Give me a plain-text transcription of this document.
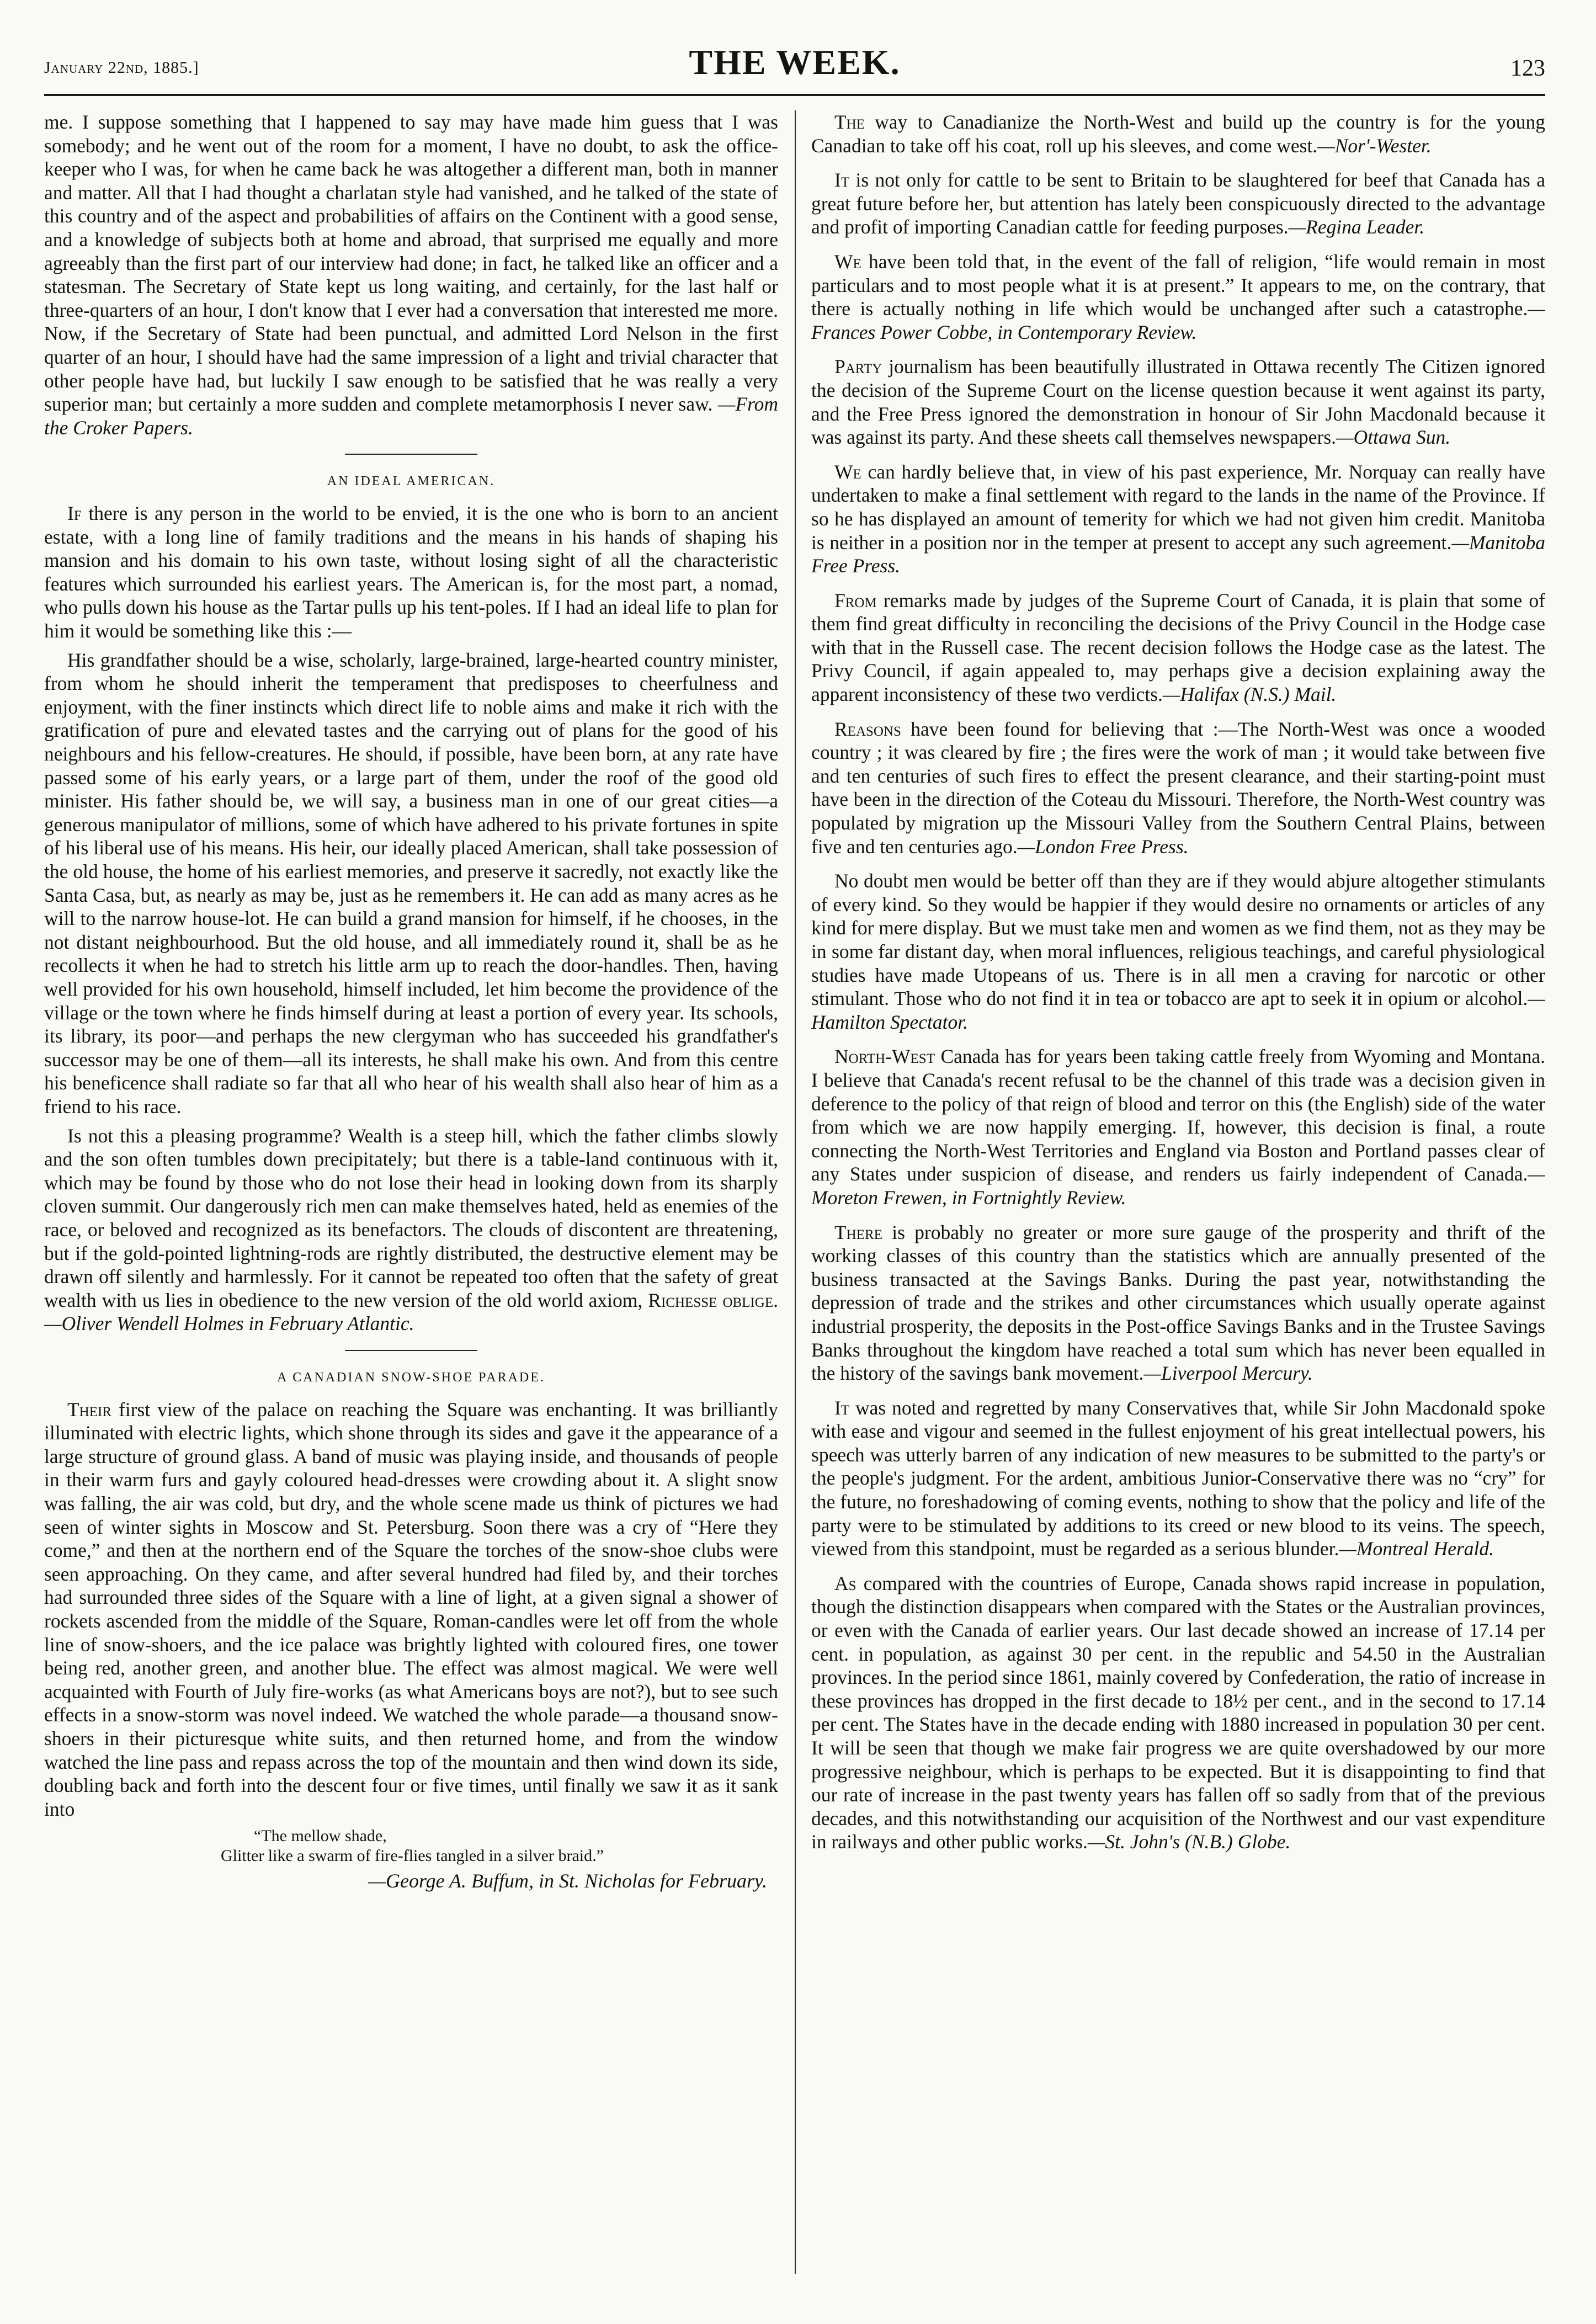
January 22nd, 1885.]	THE WEEK.	123

me. I suppose something that I happened to say may have made him guess that I was somebody; and he went out of the room for a moment, I have no doubt, to ask the office-keeper who I was, for when he came back he was altogether a different man, both in manner and matter. All that I had thought a charlatan style had vanished, and he talked of the state of this country and of the aspect and probabilities of affairs on the Continent with a good sense, and a knowledge of subjects both at home and abroad, that surprised me equally and more agreeably than the first part of our interview had done; in fact, he talked like an officer and a statesman. The Secretary of State kept us long waiting, and certainly, for the last half or three-quarters of an hour, I don't know that I ever had a conversation that interested me more. Now, if the Secretary of State had been punctual, and admitted Lord Nelson in the first quarter of an hour, I should have had the same impression of a light and trivial character that other people have had, but luckily I saw enough to be satisfied that he was really a very superior man; but certainly a more sudden and complete metamorphosis I never saw. —From the Croker Papers.

AN IDEAL AMERICAN.

If there is any person in the world to be envied, it is the one who is born to an ancient estate, with a long line of family traditions and the means in his hands of shaping his mansion and his domain to his own taste, without losing sight of all the characteristic features which surrounded his earliest years. The American is, for the most part, a nomad, who pulls down his house as the Tartar pulls up his tent-poles. If I had an ideal life to plan for him it would be something like this :—

His grandfather should be a wise, scholarly, large-brained, large-hearted country minister, from whom he should inherit the temperament that predisposes to cheerfulness and enjoyment, with the finer instincts which direct life to noble aims and make it rich with the gratification of pure and elevated tastes and the carrying out of plans for the good of his neighbours and his fellow-creatures. He should, if possible, have been born, at any rate have passed some of his early years, or a large part of them, under the roof of the good old minister. His father should be, we will say, a business man in one of our great cities—a generous manipulator of millions, some of which have adhered to his private fortunes in spite of his liberal use of his means. His heir, our ideally placed American, shall take possession of the old house, the home of his earliest memories, and preserve it sacredly, not exactly like the Santa Casa, but, as nearly as may be, just as he remembers it. He can add as many acres as he will to the narrow house-lot. He can build a grand mansion for himself, if he chooses, in the not distant neighbourhood. But the old house, and all immediately round it, shall be as he recollects it when he had to stretch his little arm up to reach the door-handles. Then, having well provided for his own household, himself included, let him become the providence of the village or the town where he finds himself during at least a portion of every year. Its schools, its library, its poor—and perhaps the new clergyman who has succeeded his grandfather's successor may be one of them—all its interests, he shall make his own. And from this centre his beneficence shall radiate so far that all who hear of his wealth shall also hear of him as a friend to his race.

Is not this a pleasing programme? Wealth is a steep hill, which the father climbs slowly and the son often tumbles down precipitately; but there is a table-land continuous with it, which may be found by those who do not lose their head in looking down from its sharply cloven summit. Our dangerously rich men can make themselves hated, held as enemies of the race, or beloved and recognized as its benefactors. The clouds of discontent are threatening, but if the gold-pointed lightning-rods are rightly distributed, the destructive element may be drawn off silently and harmlessly. For it cannot be repeated too often that the safety of great wealth with us lies in obedience to the new version of the old world axiom, Richesse oblige.—Oliver Wendell Holmes in February Atlantic.

A CANADIAN SNOW-SHOE PARADE.

Their first view of the palace on reaching the Square was enchanting. It was brilliantly illuminated with electric lights, which shone through its sides and gave it the appearance of a large structure of ground glass. A band of music was playing inside, and thousands of people in their warm furs and gayly coloured head-dresses were crowding about it. A slight snow was falling, the air was cold, but dry, and the whole scene made us think of pictures we had seen of winter sights in Moscow and St. Petersburg. Soon there was a cry of “Here they come,” and then at the northern end of the Square the torches of the snow-shoe clubs were seen approaching. On they came, and after several hundred had filed by, and their torches had surrounded three sides of the Square with a line of light, at a given signal a shower of rockets ascended from the middle of the Square, Roman-candles were let off from the whole line of snow-shoers, and the ice palace was brightly lighted with coloured fires, one tower being red, another green, and another blue. The effect was almost magical. We were well acquainted with Fourth of July fire-works (as what Americans boys are not?), but to see such effects in a snow-storm was novel indeed. We watched the whole parade—a thousand snow-shoers in their picturesque white suits, and then returned home, and from the window watched the line pass and repass across the top of the mountain and then wind down its side, doubling back and forth into the descent four or five times, until finally we saw it as it sank into

“The mellow shade,
Glitter like a swarm of fire-flies tangled in a silver braid.”
—George A. Buffum, in St. Nicholas for February.

The way to Canadianize the North-West and build up the country is for the young Canadian to take off his coat, roll up his sleeves, and come west.—Nor'-Wester.

It is not only for cattle to be sent to Britain to be slaughtered for beef that Canada has a great future before her, but attention has lately been conspicuously directed to the advantage and profit of importing Canadian cattle for feeding purposes.—Regina Leader.

We have been told that, in the event of the fall of religion, “life would remain in most particulars and to most people what it is at present.” It appears to me, on the contrary, that there is actually nothing in life which would be unchanged after such a catastrophe.—Frances Power Cobbe, in Contemporary Review.

Party journalism has been beautifully illustrated in Ottawa recently The Citizen ignored the decision of the Supreme Court on the license question because it went against its party, and the Free Press ignored the demonstration in honour of Sir John Macdonald because it was against its party. And these sheets call themselves newspapers.—Ottawa Sun.

We can hardly believe that, in view of his past experience, Mr. Norquay can really have undertaken to make a final settlement with regard to the lands in the name of the Province. If so he has displayed an amount of temerity for which we had not given him credit. Manitoba is neither in a position nor in the temper at present to accept any such agreement.—Manitoba Free Press.

From remarks made by judges of the Supreme Court of Canada, it is plain that some of them find great difficulty in reconciling the decisions of the Privy Council in the Hodge case with that in the Russell case. The recent decision follows the Hodge case as the latest. The Privy Council, if again appealed to, may perhaps give a decision explaining away the apparent inconsistency of these two verdicts.—Halifax (N.S.) Mail.

Reasons have been found for believing that :—The North-West was once a wooded country ; it was cleared by fire ; the fires were the work of man ; it would take between five and ten centuries of such fires to effect the present clearance, and their starting-point must have been in the direction of the Coteau du Missouri. Therefore, the North-West country was populated by migration up the Missouri Valley from the Southern Central Plains, between five and ten centuries ago.—London Free Press.

No doubt men would be better off than they are if they would abjure altogether stimulants of every kind. So they would be happier if they would desire no ornaments or articles of any kind for mere display. But we must take men and women as we find them, not as they may be in some far distant day, when moral influences, religious teachings, and careful physiological studies have made Utopeans of us. There is in all men a craving for narcotic or other stimulant. Those who do not find it in tea or tobacco are apt to seek it in opium or alcohol.—Hamilton Spectator.

North-West Canada has for years been taking cattle freely from Wyoming and Montana. I believe that Canada's recent refusal to be the channel of this trade was a decision given in deference to the policy of that reign of blood and terror on this (the English) side of the water from which we are now happily emerging. If, however, this decision is final, a route connecting the North-West Territories and England via Boston and Portland passes clear of any States under suspicion of disease, and renders us fairly independent of Canada.—Moreton Frewen, in Fortnightly Review.

There is probably no greater or more sure gauge of the prosperity and thrift of the working classes of this country than the statistics which are annually presented of the business transacted at the Savings Banks. During the past year, notwithstanding the depression of trade and the strikes and other circumstances which usually operate against industrial prosperity, the deposits in the Post-office Savings Banks and in the Trustee Savings Banks throughout the kingdom have reached a total sum which has never been equalled in the history of the savings bank movement.—Liverpool Mercury.

It was noted and regretted by many Conservatives that, while Sir John Macdonald spoke with ease and vigour and seemed in the fullest enjoyment of his great intellectual powers, his speech was utterly barren of any indication of new measures to be submitted to the party's or the people's judgment. For the ardent, ambitious Junior-Conservative there was no “cry” for the future, no foreshadowing of coming events, nothing to show that the policy and life of the party were to be stimulated by additions to its creed or new blood to its veins. The speech, viewed from this standpoint, must be regarded as a serious blunder.—Montreal Herald.

As compared with the countries of Europe, Canada shows rapid increase in population, though the distinction disappears when compared with the States or the Australian provinces, or even with the Canada of earlier years. Our last decade showed an increase of 17.14 per cent. in population, as against 30 per cent. in the republic and 54.50 in the Australian provinces. In the period since 1861, mainly covered by Confederation, the ratio of increase in these provinces has dropped in the first decade to 18½ per cent., and in the second to 17.14 per cent. The States have in the decade ending with 1880 increased in population 30 per cent. It will be seen that though we make fair progress we are quite overshadowed by our more progressive neighbour, which is perhaps to be expected. But it is disappointing to find that our rate of increase in the past twenty years has fallen off so sadly from that of the previous decades, and this notwithstanding our acquisition of the Northwest and our vast expenditure in railways and other public works.—St. John's (N.B.) Globe.
